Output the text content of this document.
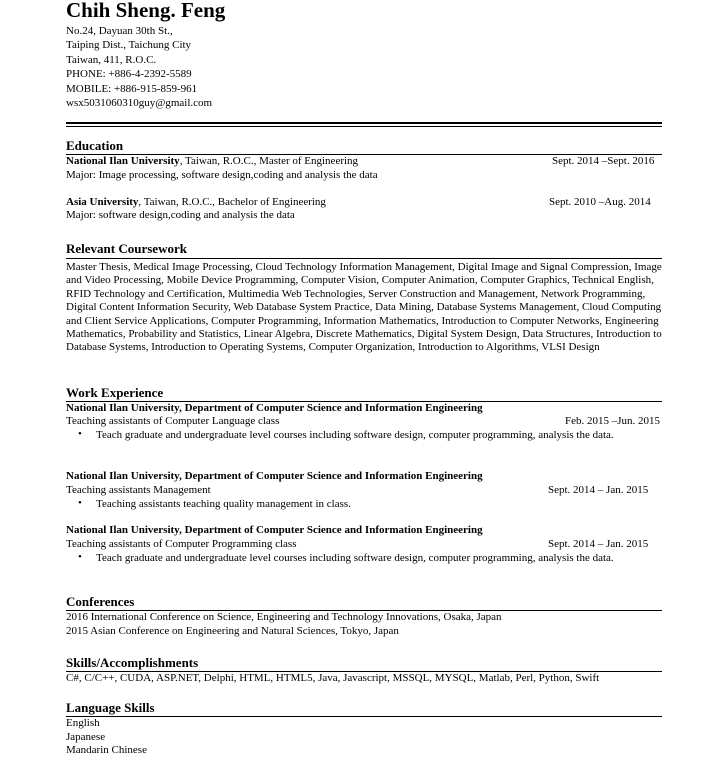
Chih Sheng. Feng
No.24, Dayuan 30th St.,
Taiping Dist., Taichung City
Taiwan, 411, R.O.C.
PHONE: +886-4-2392-5589
MOBILE: +886-915-859-961
wsx5031060310guy@gmail.com
Education
National Ilan University, Taiwan, R.O.C., Master of Engineering	Sept. 2014 –Sept. 2016
Major: Image processing, software design,coding and analysis the data
Asia University, Taiwan, R.O.C., Bachelor of Engineering	Sept. 2010 –Aug. 2014
Major: software design,coding and analysis the data
Relevant Coursework
Master Thesis, Medical Image Processing, Cloud Technology Information Management, Digital Image and Signal Compression, Image and Video Processing, Mobile Device Programming, Computer Vision, Computer Animation, Computer Graphics, Technical English, RFID Technology and Certification, Multimedia Web Technologies, Server Construction and Management, Network Programming, Digital Content Information Security, Web Database System Practice, Data Mining, Database Systems Management, Cloud Computing and Client Service Applications, Computer Programming, Information Mathematics, Introduction to Computer Networks, Engineering Mathematics, Probability and Statistics, Linear Algebra, Discrete Mathematics, Digital System Design, Data Structures, Introduction to Database Systems, Introduction to Operating Systems, Computer Organization, Introduction to Algorithms, VLSI Design
Work Experience
National Ilan University, Department of Computer Science and Information Engineering
Teaching assistants of Computer Language class	Feb. 2015 –Jun. 2015
• Teach graduate and undergraduate level courses including software design, computer programming, analysis the data.
National Ilan University, Department of Computer Science and Information Engineering
Teaching assistants Management	Sept. 2014 – Jan. 2015
• Teaching assistants teaching quality management in class.
National Ilan University, Department of Computer Science and Information Engineering
Teaching assistants of Computer Programming class	Sept. 2014 – Jan. 2015
• Teach graduate and undergraduate level courses including software design, computer programming, analysis the data.
Conferences
2016 International Conference on Science, Engineering and Technology Innovations, Osaka, Japan
2015 Asian Conference on Engineering and Natural Sciences, Tokyo, Japan
Skills/Accomplishments
C#, C/C++, CUDA, ASP.NET, Delphi, HTML, HTML5, Java, Javascript, MSSQL, MYSQL, Matlab, Perl, Python, Swift
Language Skills
English
Japanese
Mandarin Chinese
